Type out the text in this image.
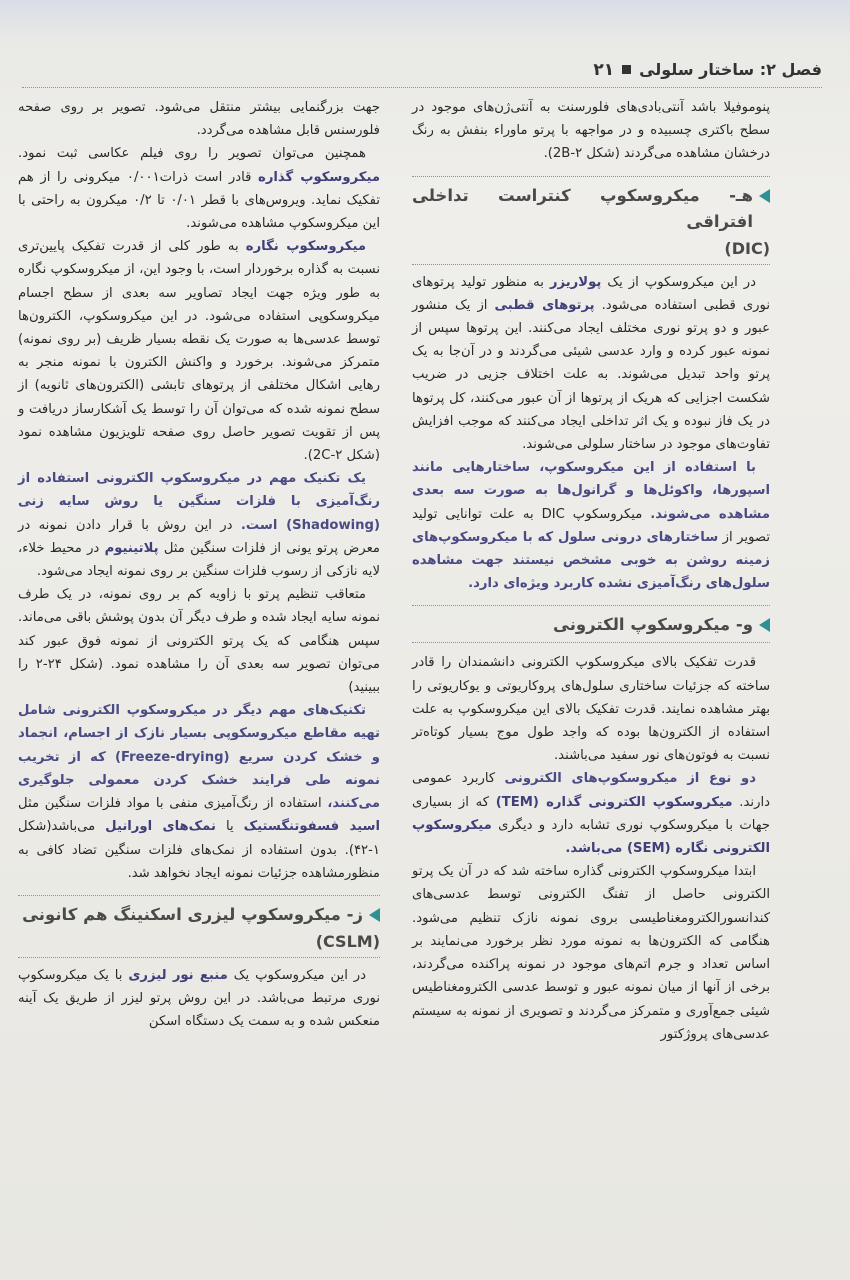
فصل ۲: ساختار سلولی
۲۱

پنوموفیلا باشد آنتی‌بادی‌های فلورسنت به آنتی‌ژن‌های موجود در سطح باکتری چسبیده و در مواجهه با پرتو ماوراء بنفش به رنگ درخشان مشاهده می‌گردند (شکل 2B-۲).

هـ- میکروسکوپ کنتراست تداخلی افتراقی
(DIC)

در این میکروسکوپ از یک پولاریزر به منظور تولید پرتوهای نوری قطبی استفاده می‌شود. پرتوهای قطبی از یک منشور عبور و دو پرتو نوری مختلف ایجاد می‌کنند. این پرتوها سپس از نمونه عبور کرده و وارد عدسی شیئی می‌گردند و در آن‌جا به یک پرتو واحد تبدیل می‌شوند. به علت اختلاف جزیی در ضریب شکست اجزایی که هریک از پرتوها از آن عبور می‌کنند، کل پرتوها در یک فاز نبوده و یک اثر تداخلی ایجاد می‌کنند که موجب افزایش تفاوت‌های موجود در ساختار سلولی می‌شوند.

با استفاده از این میکروسکوپ، ساختارهایی مانند اسپورها، واکوئل‌ها و گرانول‌ها به صورت سه بعدی مشاهده می‌شوند. میکروسکوپ DIC به علت توانایی تولید تصویر از ساختارهای درونی سلول که با میکروسکوپ‌های زمینه روشن به خوبی مشخص نیستند جهت مشاهده سلول‌های رنگ‌آمیزی نشده کاربرد ویژه‌ای دارد.

و- میکروسکوپ الکترونی

قدرت تفکیک بالای میکروسکوپ الکترونی دانشمندان را قادر ساخته که جزئیات ساختاری سلول‌های پروکاریوتی و یوکاریوتی را بهتر مشاهده نمایند. قدرت تفکیک بالای این میکروسکوپ به علت استفاده از الکترون‌ها بوده که واجد طول موج بسیار کوتاه‌تر نسبت به فوتون‌های نور سفید می‌باشند.

دو نوع از میکروسکوپ‌های الکترونی کاربرد عمومی دارند. میکروسکوپ الکترونی گذاره (TEM) که از بسیاری جهات با میکروسکوپ نوری تشابه دارد و دیگری میکروسکوپ الکترونی نگاره (SEM) می‌باشد.

ابتدا میکروسکوپ الکترونی گذاره ساخته شد که در آن یک پرتو الکترونی حاصل از تفنگ الکترونی توسط عدسی‌های کندانسورالکترومغناطیسی بروی نمونه نازک تنظیم می‌شود. هنگامی که الکترون‌ها به نمونه مورد نظر برخورد می‌نمایند بر اساس تعداد و جرم اتم‌های موجود در نمونه پراکنده می‌گردند، برخی از آنها از میان نمونه عبور و توسط عدسی الکترومغناطیس شیئی جمع‌آوری و متمرکز می‌گردند و تصویری از نمونه به سیستم عدسی‌های پروژکتور

جهت بزرگنمایی بیشتر منتقل می‌شود. تصویر بر روی صفحه فلورسنس قابل مشاهده می‌گردد.

همچنین می‌توان تصویر را روی فیلم عکاسی ثبت نمود. میکروسکوپ گذاره قادر است ذرات۰/۰۰۱ میکرونی را از هم تفکیک نماید. ویروس‌های با قطر ۰/۰۱ تا ۰/۲ میکرون به راحتی با این میکروسکوپ مشاهده می‌شوند.

میکروسکوپ نگاره به طور کلی از قدرت تفکیک پایین‌تری نسبت به گذاره برخوردار است، با وجود این، از میکروسکوپ نگاره به طور ویژه جهت ایجاد تصاویر سه بعدی از سطح اجسام میکروسکوپی استفاده می‌شود. در این میکروسکوپ، الکترون‌ها توسط عدسی‌ها به صورت یک نقطه بسیار ظریف (بر روی نمونه) متمرکز می‌شوند. برخورد و واکنش الکترون با نمونه منجر به رهایی اشکال مختلفی از پرتوهای تابشی (الکترون‌های ثانویه) از سطح نمونه شده که می‌توان آن را توسط یک آشکارساز دریافت و پس از تقویت تصویر حاصل روی صفحه تلویزیون مشاهده نمود (شکل 2C-۲).

یک تکنیک مهم در میکروسکوپ الکترونی استفاده از رنگ‌آمیزی با فلزات سنگین یا روش سایه زنی (Shadowing) است. در این روش با قرار دادن نمونه در معرض پرتو یونی از فلزات سنگین مثل پلاتینیوم در محیط خلاء، لایه نازکی از رسوب فلزات سنگین بر روی نمونه ایجاد می‌شود.

متعاقب تنظیم پرتو با زاویه کم بر روی نمونه، در یک طرف نمونه سایه ایجاد شده و طرف دیگر آن بدون پوشش باقی می‌ماند. سپس هنگامی که یک پرتو الکترونی از نمونه فوق عبور کند می‌توان تصویر سه بعدی آن را مشاهده نمود. (شکل ۲۴-۲ را ببینید)

تکنیک‌های مهم دیگر در میکروسکوپ الکترونی شامل تهیه مقاطع میکروسکوپی بسیار نازک از اجسام، انجماد و خشک کردن سریع (Freeze-drying) که از تخریب نمونه طی فرایند خشک کردن معمولی جلوگیری می‌کنند، استفاده از رنگ‌آمیزی منفی با مواد فلزات سنگین مثل اسید فسفوتنگستیک یا نمک‌های اورانیل می‌باشد(شکل ۱-۴۲). بدون استفاده از نمک‌های فلزات سنگین تضاد کافی به منظورمشاهده جزئیات نمونه ایجاد نخواهد شد.

ز- میکروسکوپ لیزری اسکنینگ هم کانونی
(CSLM)

در این میکروسکوپ یک منبع نور لیزری با یک میکروسکوپ نوری مرتبط می‌باشد. در این روش پرتو لیزر از طریق یک آینه منعکس شده و به سمت یک دستگاه اسکن
